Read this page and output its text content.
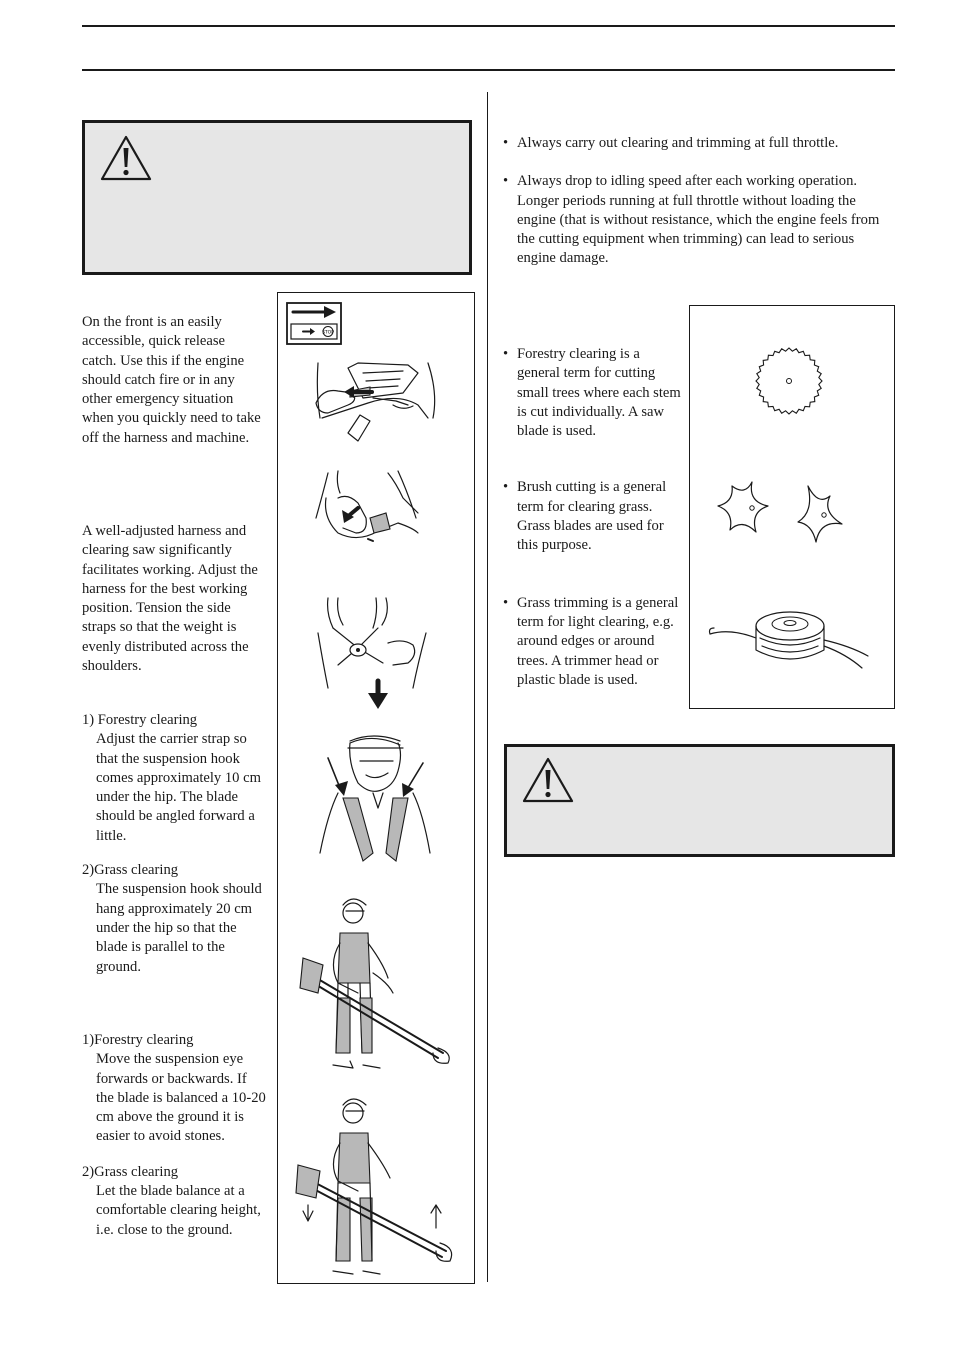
On the front is an easily accessible, quick release catch. Use this if the engine should catch fire or in any other emergency situation when you quickly need to take off the harness and machine.
A well-adjusted harness and clearing saw significantly facilitates working. Adjust the harness for the best working position. Tension the side straps so that the weight is evenly distributed across the shoulders.
1) Forestry clearing
Adjust the carrier strap so that the suspension hook comes approximately 10 cm under the hip. The blade should be angled forward a little.
2)Grass clearing
The suspension hook should hang approximately 20 cm under the hip so that the blade is parallel to the ground.
1)Forestry clearing
Move the suspension eye forwards or backwards. If the blade is balanced a 10-20 cm above the ground it is easier to avoid stones.
2)Grass clearing
Let the blade balance at a comfortable clearing height, i.e. close to the ground.
STOP
• Always carry out clearing and trimming at full throttle.
• Always drop to idling speed after each working operation. Longer periods running at full throttle without loading the engine (that is without resistance, which the engine feels from the cutting equipment when trimming) can lead to serious engine damage.
• Forestry clearing is a general term for cutting small trees where each stem is cut individually. A saw blade is used.
• Brush cutting is a general term for clearing grass. Grass blades are used for this purpose.
• Grass trimming is a general term for light clearing, e.g. around edges or around trees. A trimmer head or plastic blade is used.
